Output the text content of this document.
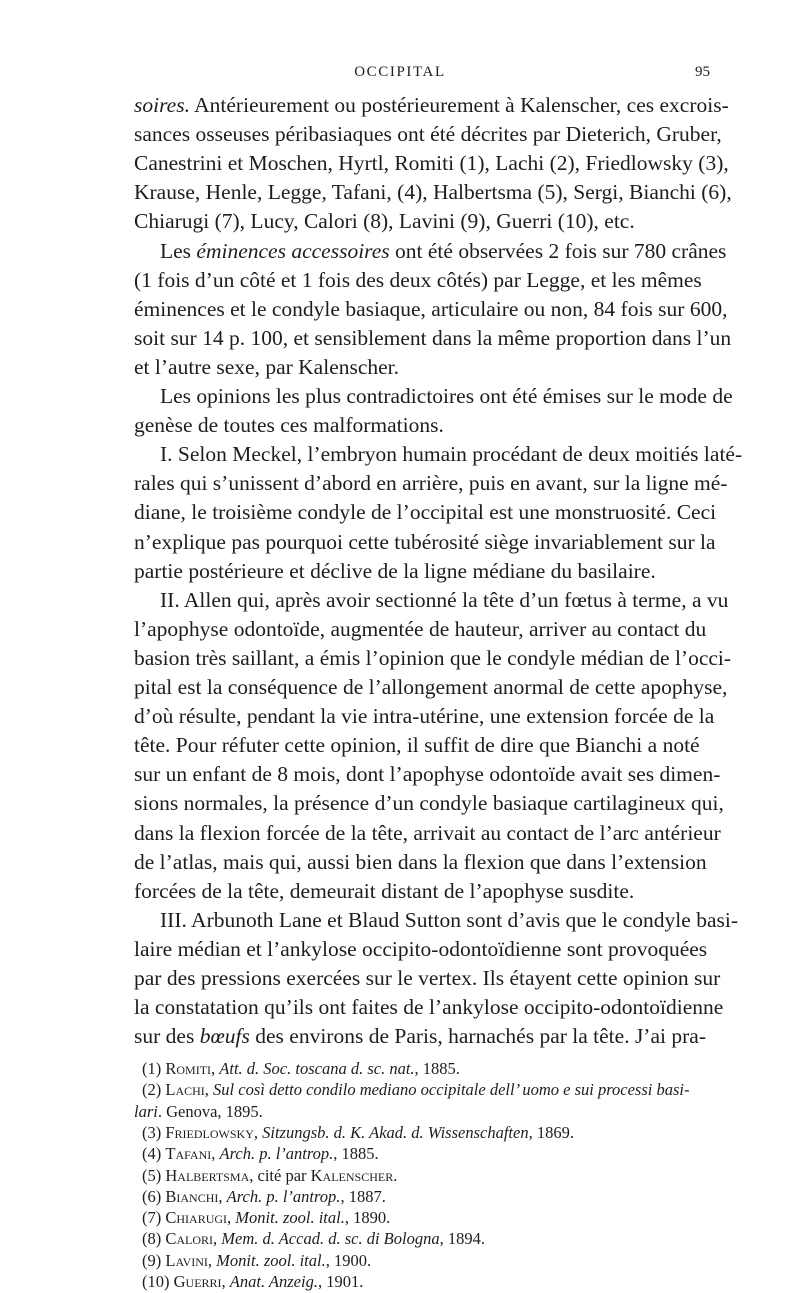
OCCIPITAL	95
soires. Antérieurement ou postérieurement à Kalenscher, ces excrois-
sances osseuses péribasiaques ont été décrites par Dieterich, Gruber,
Canestrini et Moschen, Hyrtl, Romiti (1), Lachi (2), Friedlowsky (3),
Krause, Henle, Legge, Tafani, (4), Halbertsma (5), Sergi, Bianchi (6),
Chiarugi (7), Lucy, Calori (8), Lavini (9), Guerri (10), etc.
Les éminences accessoires ont été observées 2 fois sur 780 crânes
(1 fois d’un côté et 1 fois des deux côtés) par Legge, et les mêmes
éminences et le condyle basiaque, articulaire ou non, 84 fois sur 600,
soit sur 14 p. 100, et sensiblement dans la même proportion dans l’un
et l’autre sexe, par Kalenscher.
Les opinions les plus contradictoires ont été émises sur le mode de
genèse de toutes ces malformations.
I. Selon Meckel, l’embryon humain procédant de deux moitiés laté-
rales qui s’unissent d’abord en arrière, puis en avant, sur la ligne mé-
diane, le troisième condyle de l’occipital est une monstruosité. Ceci
n’explique pas pourquoi cette tubérosité siège invariablement sur la
partie postérieure et déclive de la ligne médiane du basilaire.
II. Allen qui, après avoir sectionné la tête d’un fœtus à terme, a vu
l’apophyse odontoïde, augmentée de hauteur, arriver au contact du
basion très saillant, a émis l’opinion que le condyle médian de l’occi-
pital est la conséquence de l’allongement anormal de cette apophyse,
d’où résulte, pendant la vie intra-utérine, une extension forcée de la
tête. Pour réfuter cette opinion, il suffit de dire que Bianchi a noté
sur un enfant de 8 mois, dont l’apophyse odontoïde avait ses dimen-
sions normales, la présence d’un condyle basiaque cartilagineux qui,
dans la flexion forcée de la tête, arrivait au contact de l’arc antérieur
de l’atlas, mais qui, aussi bien dans la flexion que dans l’extension
forcées de la tête, demeurait distant de l’apophyse susdite.
III. Arbunoth Lane et Blaud Sutton sont d’avis que le condyle basi-
laire médian et l’ankylose occipito-odontoïdienne sont provoquées
par des pressions exercées sur le vertex. Ils étayent cette opinion sur
la constatation qu’ils ont faites de l’ankylose occipito-odontoïdienne
sur des bœufs des environs de Paris, harnachés par la tête. J’ai pra-
(1) Romiti, Att. d. Soc. toscana d. sc. nat., 1885.
(2) Lachi, Sul così detto condilo mediano occipitale dell’ uomo e sui processi basi-
lari. Genova, 1895.
(3) Friedlowsky, Sitzungsb. d. K. Akad. d. Wissenschaften, 1869.
(4) Tafani, Arch. p. l’antrop., 1885.
(5) Halbertsma, cité par Kalenscher.
(6) Bianchi, Arch. p. l’antrop., 1887.
(7) Chiarugi, Monit. zool. ital., 1890.
(8) Calori, Mem. d. Accad. d. sc. di Bologna, 1894.
(9) Lavini, Monit. zool. ital., 1900.
(10) Guerri, Anat. Anzeig., 1901.
